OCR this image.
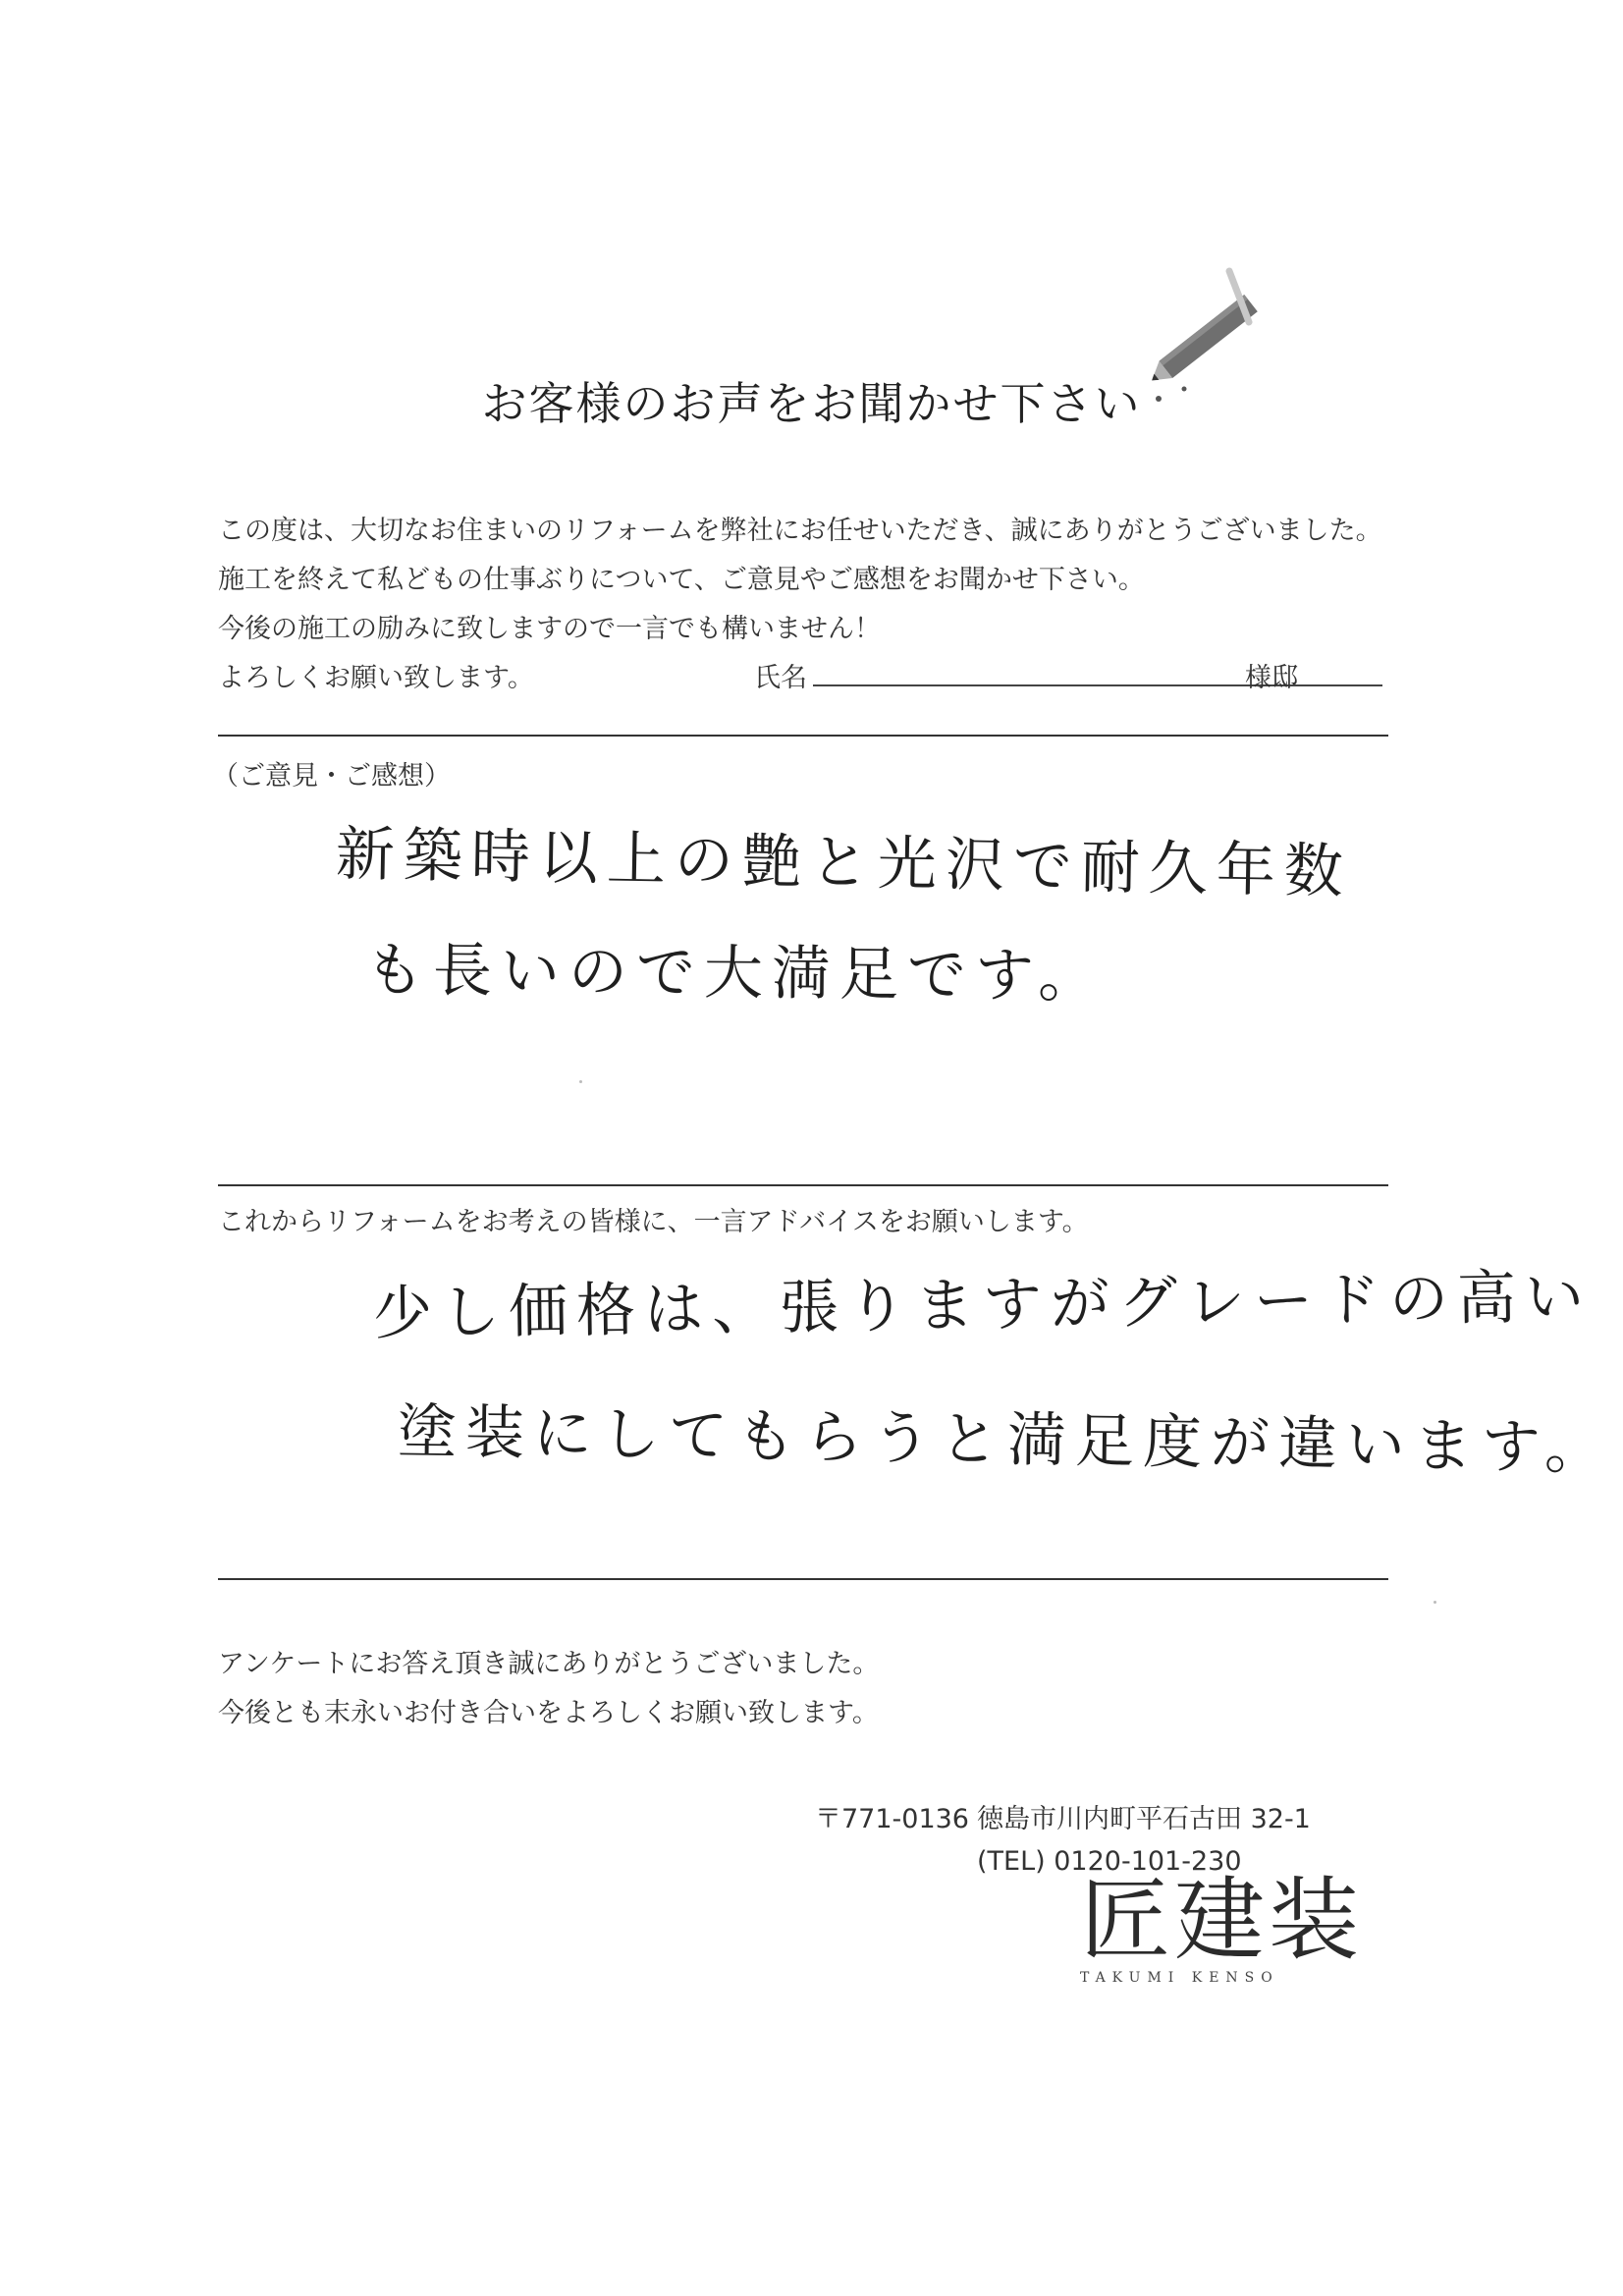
お客様のお声をお聞かせ下さい
この度は、大切なお住まいのリフォームを弊社にお任せいただき、誠にありがとうございました。
施工を終えて私どもの仕事ぶりについて、ご意見やご感想をお聞かせ下さい。
今後の施工の励みに致しますので一言でも構いません！
よろしくお願い致します。	氏名	様邸
（ご意見・ご感想）
新築時以上の艶と光沢で耐久年数
も長いので大満足です。
これからリフォームをお考えの皆様に、一言アドバイスをお願いします。
少し価格は、張りますがグレードの高い
塗装にしてもらうと満足度が違います。
アンケートにお答え頂き誠にありがとうございました。
今後とも末永いお付き合いをよろしくお願い致します。
〒771-0136 徳島市川内町平石古田 32-1
(TEL) 0120-101-230
匠建装
TAKUMI KENSO
